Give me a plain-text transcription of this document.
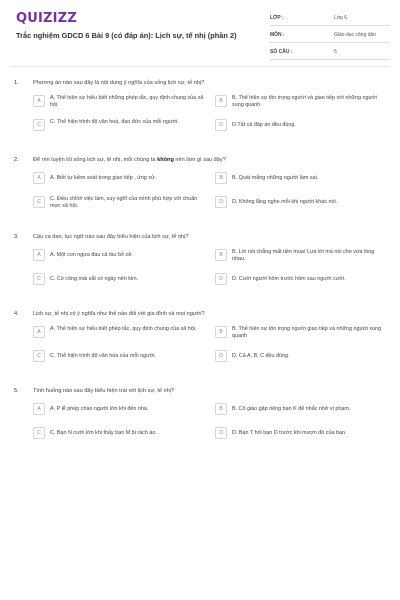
QUIZIZZ
Trắc nghiệm GDCD 6 Bài 9 (có đáp án): Lịch sự, tế nhị (phần 2)
LỚP :	Lớp 6
MÔN :	Giáo dục công dân
SỐ CÂU :	5
1.	Phương án nào sau đây là nội dung ý nghĩa của sống lịch sự, tế nhị?
A	A. Thể hiện sự hiểu biết những phép tắc, quy định chung của xã hội.
B	B. Thể hiện sự tôn trọng người và giao tiếp với những người xung quanh.
C	C. Thể hiện trình độ văn hoá, đạo đức của mỗi người.	D	D.Tất cả đáp án đều đúng.
2.	Để rèn luyện lối sống lịch sự, tế nhị, mỗi chúng ta không nên làm gì sau đây?
A	A. Biết tự kiềm soát trong giao tiếp , ứng xử.	B	B. Quát mắng những người làm sai.
C	C. Điều chỉnh việc làm, suy nghĩ của mình phù hợp với chuẩn mực xã hội.
D	D. Không lắng nghe mỗi khi người khác nói.
3.	Câu ca dao, tục ngữ nào sau đây biểu hiện của lịch sự, tế nhị?
A	A. Một con ngựa đau cả tàu bỏ cỏ.	B	B. Lời nói chẳng mất tiền mua/ Lựa lời mà nói cho vừa lòng nhau.
C	C. Có công mài sắt có ngày nên kim.	D	D. Cười người hôm trước hôm sau người cười.
4.	Lịch sự, tế nhị có ý nghĩa như thế nào đối với gia đình và mọi người?
A	A. Thể hiện sự hiểu biết phép tắc, quy định chung của xã hội.	B	B. Thể hiện sự tôn trọng người giao tiếp và những người xung quanh
C	C. Thể hiện trình độ văn hóa của mỗi người.	D	D. Cả A, B, C đều đúng.
5.	Tình huống nào sau đây biểu hiện trái với lịch sự, tế nhị?
A	A. P lễ phép chào người lớn khi đến nhà.	B	B. Cô giáo gặp riêng bạn K để nhắc nhở vi phạm.
C	C. Bạn N cười lớn khi thấy bạn M bị rách áo.	D	D. Bạn T hỏi bạn D trước khi mượn đồ của bạn.
